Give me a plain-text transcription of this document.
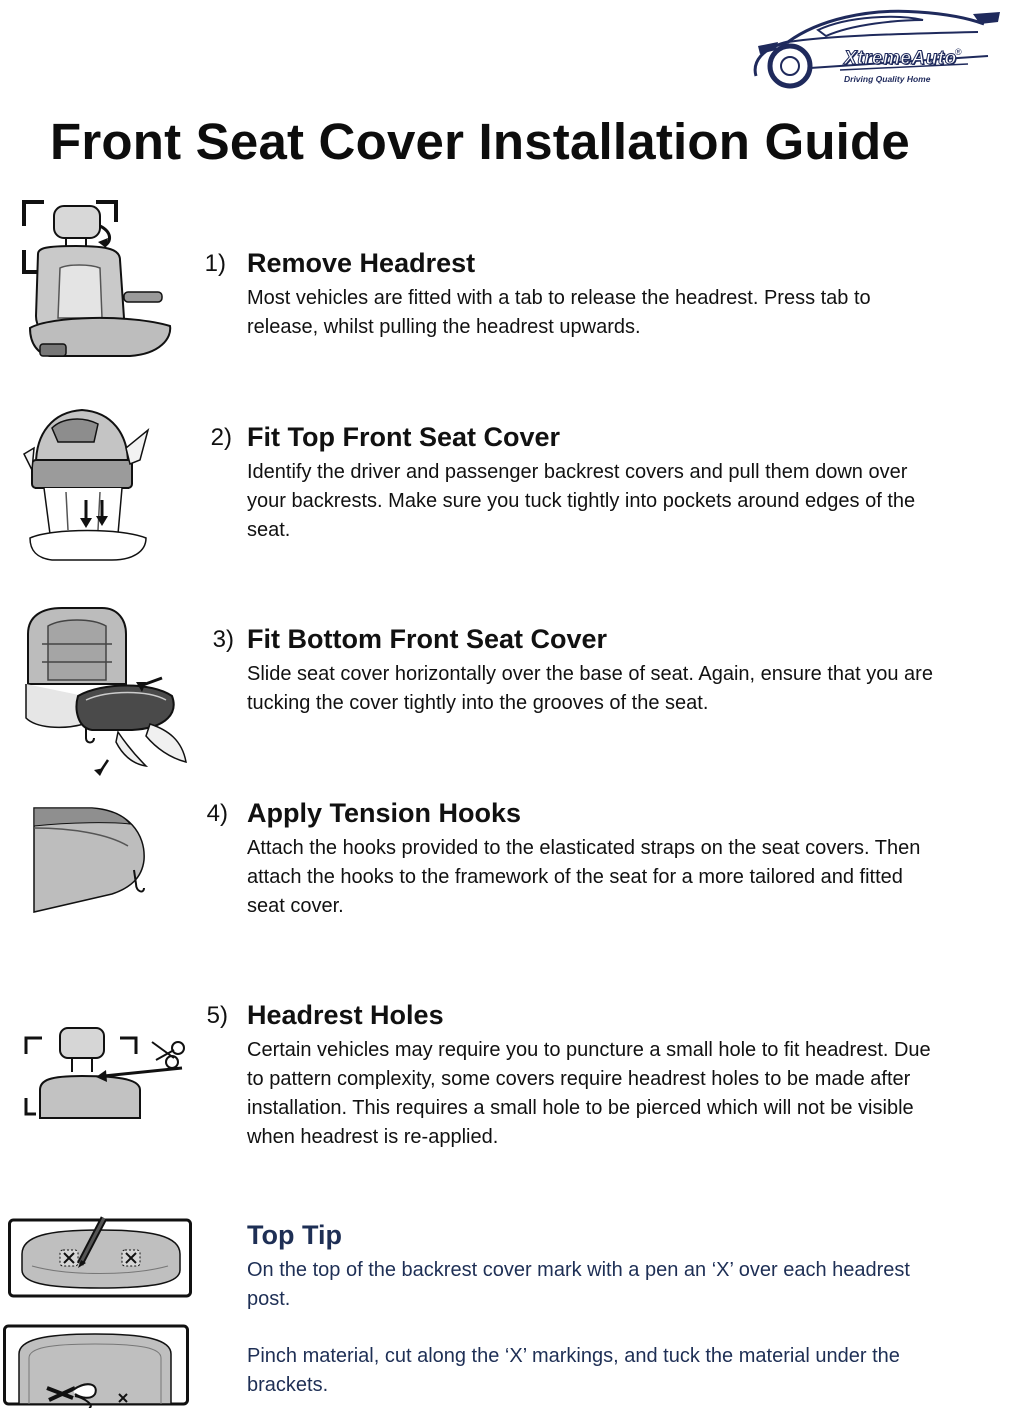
XtremeAuto
®
Driving Quality Home
Front Seat Cover Installation Guide
1) Remove Headrest
Most vehicles are fitted with a tab to release the headrest. Press tab to release, whilst pulling the headrest upwards.
2) Fit Top Front Seat Cover
Identify the driver and passenger backrest covers and pull them down over your backrests. Make sure you tuck tightly into pockets around edges of the seat.
3) Fit Bottom Front Seat Cover
Slide seat cover horizontally over the base of seat. Again, ensure that you are tucking the cover tightly into the grooves of the seat.
4) Apply Tension Hooks
Attach the hooks provided to the elasticated straps on the seat covers. Then attach the hooks to the framework of the seat for a more tailored and fitted seat cover.
5) Headrest Holes
Certain vehicles may require you to puncture a small hole to fit headrest. Due to pattern complexity, some covers require headrest holes to be made after installation. This requires a small hole to be pierced which will not be visible when headrest is re-applied.
Top Tip
On the top of the backrest cover mark with a pen an ‘X’ over each headrest post.
Pinch material, cut along the ‘X’ markings, and tuck the material under the brackets.
